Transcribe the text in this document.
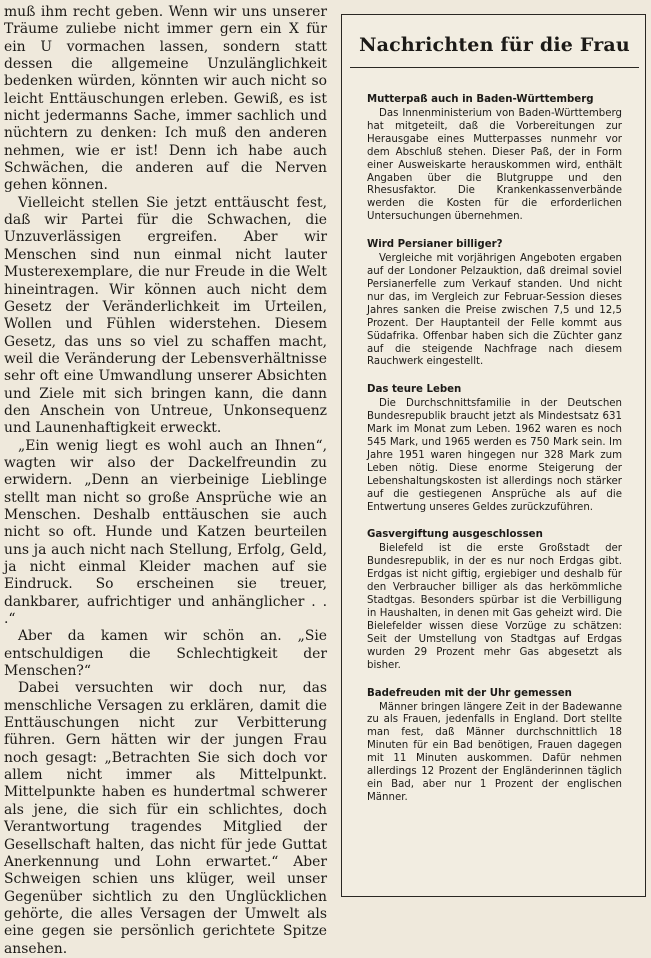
muß ihm recht geben. Wenn wir uns unserer Träume zuliebe nicht immer gern ein X für ein U vormachen lassen, sondern statt dessen die allgemeine Unzulänglichkeit bedenken würden, könnten wir auch nicht so leicht Enttäuschungen erleben. Gewiß, es ist nicht jedermanns Sache, immer sachlich und nüchtern zu denken: Ich muß den anderen nehmen, wie er ist! Denn ich habe auch Schwächen, die anderen auf die Nerven gehen können.

Vielleicht stellen Sie jetzt enttäuscht fest, daß wir Partei für die Schwachen, die Unzuverlässigen ergreifen. Aber wir Menschen sind nun einmal nicht lauter Musterexemplare, die nur Freude in die Welt hineintragen. Wir können auch nicht dem Gesetz der Veränderlichkeit im Urteilen, Wollen und Fühlen widerstehen. Diesem Gesetz, das uns so viel zu schaffen macht, weil die Veränderung der Lebensverhältnisse sehr oft eine Umwandlung unserer Absichten und Ziele mit sich bringen kann, die dann den Anschein von Untreue, Unkonsequenz und Launenhaftigkeit erweckt.

„Ein wenig liegt es wohl auch an Ihnen“, wagten wir also der Dackelfreundin zu erwidern. „Denn an vierbeinige Lieblinge stellt man nicht so große Ansprüche wie an Menschen. Deshalb enttäuschen sie auch nicht so oft. Hunde und Katzen beurteilen uns ja auch nicht nach Stellung, Erfolg, Geld, ja nicht einmal Kleider machen auf sie Eindruck. So erscheinen sie treuer, dankbarer, aufrichtiger und anhänglicher . . .“

Aber da kamen wir schön an. „Sie entschuldigen die Schlechtigkeit der Menschen?“

Dabei versuchten wir doch nur, das menschliche Versagen zu erklären, damit die Enttäuschungen nicht zur Verbitterung führen. Gern hätten wir der jungen Frau noch gesagt: „Betrachten Sie sich doch vor allem nicht immer als Mittelpunkt. Mittelpunkte haben es hundertmal schwerer als jene, die sich für ein schlichtes, doch Verantwortung tragendes Mitglied der Gesellschaft halten, das nicht für jede Guttat Anerkennung und Lohn erwartet.“ Aber Schweigen schien uns klüger, weil unser Gegenüber sichtlich zu den Unglücklichen gehörte, die alles Versagen der Umwelt als eine gegen sie persönlich gerichtete Spitze ansehen.

Nachrichten für die Frau
Mutterpaß auch in Baden-Württemberg

Das Innenministerium von Baden-Württemberg hat mitgeteilt, daß die Vorbereitungen zur Herausgabe eines Mutterpasses nunmehr vor dem Abschluß stehen. Dieser Paß, der in Form einer Ausweiskarte herauskommen wird, enthält Angaben über die Blutgruppe und den Rhesusfaktor. Die Krankenkassenverbände werden die Kosten für die erforderlichen Untersuchungen übernehmen.

Wird Persianer billiger?

Vergleiche mit vorjährigen Angeboten ergaben auf der Londoner Pelzauktion, daß dreimal soviel Persianerfelle zum Verkauf standen. Und nicht nur das, im Vergleich zur Februar-Session dieses Jahres sanken die Preise zwischen 7,5 und 12,5 Prozent. Der Hauptanteil der Felle kommt aus Südafrika. Offenbar haben sich die Züchter ganz auf die steigende Nachfrage nach diesem Rauchwerk eingestellt.

Das teure Leben

Die Durchschnittsfamilie in der Deutschen Bundesrepublik braucht jetzt als Mindestsatz 631 Mark im Monat zum Leben. 1962 waren es noch 545 Mark, und 1965 werden es 750 Mark sein. Im Jahre 1951 waren hingegen nur 328 Mark zum Leben nötig. Diese enorme Steigerung der Lebenshaltungskosten ist allerdings noch stärker auf die gestiegenen Ansprüche als auf die Entwertung unseres Geldes zurückzuführen.

Gasvergiftung ausgeschlossen

Bielefeld ist die erste Großstadt der Bundesrepublik, in der es nur noch Erdgas gibt. Erdgas ist nicht giftig, ergiebiger und deshalb für den Verbraucher billiger als das herkömmliche Stadtgas. Besonders spürbar ist die Verbilligung in Haushalten, in denen mit Gas geheizt wird. Die Bielefelder wissen diese Vorzüge zu schätzen: Seit der Umstellung von Stadtgas auf Erdgas wurden 29 Prozent mehr Gas abgesetzt als bisher.

Badefreuden mit der Uhr gemessen

Männer bringen längere Zeit in der Badewanne zu als Frauen, jedenfalls in England. Dort stellte man fest, daß Männer durchschnittlich 18 Minuten für ein Bad benötigen, Frauen dagegen mit 11 Minuten auskommen. Dafür nehmen allerdings 12 Prozent der Engländerinnen täglich ein Bad, aber nur 1 Prozent der englischen Männer.
